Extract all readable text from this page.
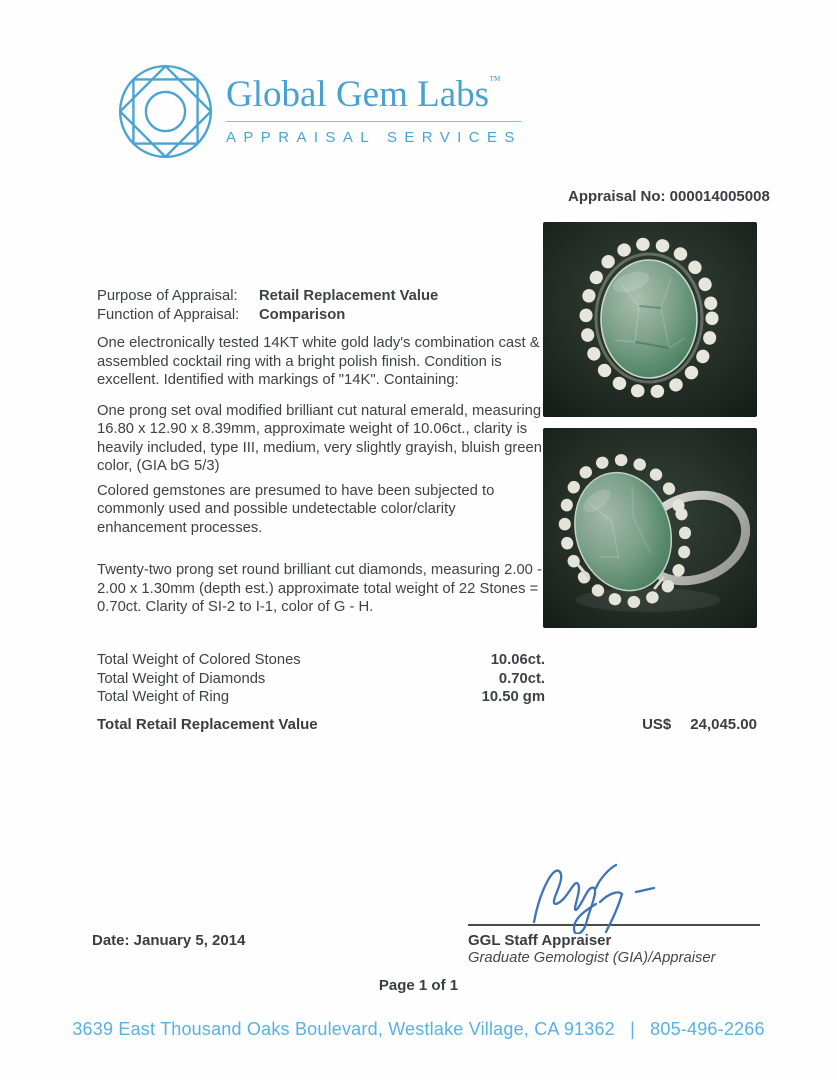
Global Gem Labs™
APPRAISAL SERVICES
Appraisal No: 000014005008
Purpose of Appraisal:	Retail Replacement Value
Function of Appraisal:	Comparison

One electronically tested 14KT white gold lady's combination cast & assembled cocktail ring with a bright polish finish. Condition is excellent. Identified with markings of "14K". Containing:

One prong set oval modified brilliant cut natural emerald, measuring 16.80 x 12.90 x 8.39mm, approximate weight of 10.06ct., clarity is heavily included, type III, medium, very slightly grayish, bluish green color, (GIA bG 5/3)

Colored gemstones are presumed to have been subjected to commonly used and possible undetectable color/clarity enhancement processes.

Twenty-two prong set round brilliant cut diamonds, measuring 2.00 - 2.00 x 1.30mm (depth est.) approximate total weight of 22 Stones = 0.70ct. Clarity of SI-2 to I-1, color of G - H.

Total Weight of Colored Stones	10.06ct.
Total Weight of Diamonds	0.70ct.
Total Weight of Ring	10.50 gm
Total Retail Replacement Value	US$ 24,045.00
GGL Staff Appraiser
Graduate Gemologist (GIA)/Appraiser
Date: January 5, 2014
Page 1 of 1
3639 East Thousand Oaks Boulevard, Westlake Village, CA 91362 | 805-496-2266
